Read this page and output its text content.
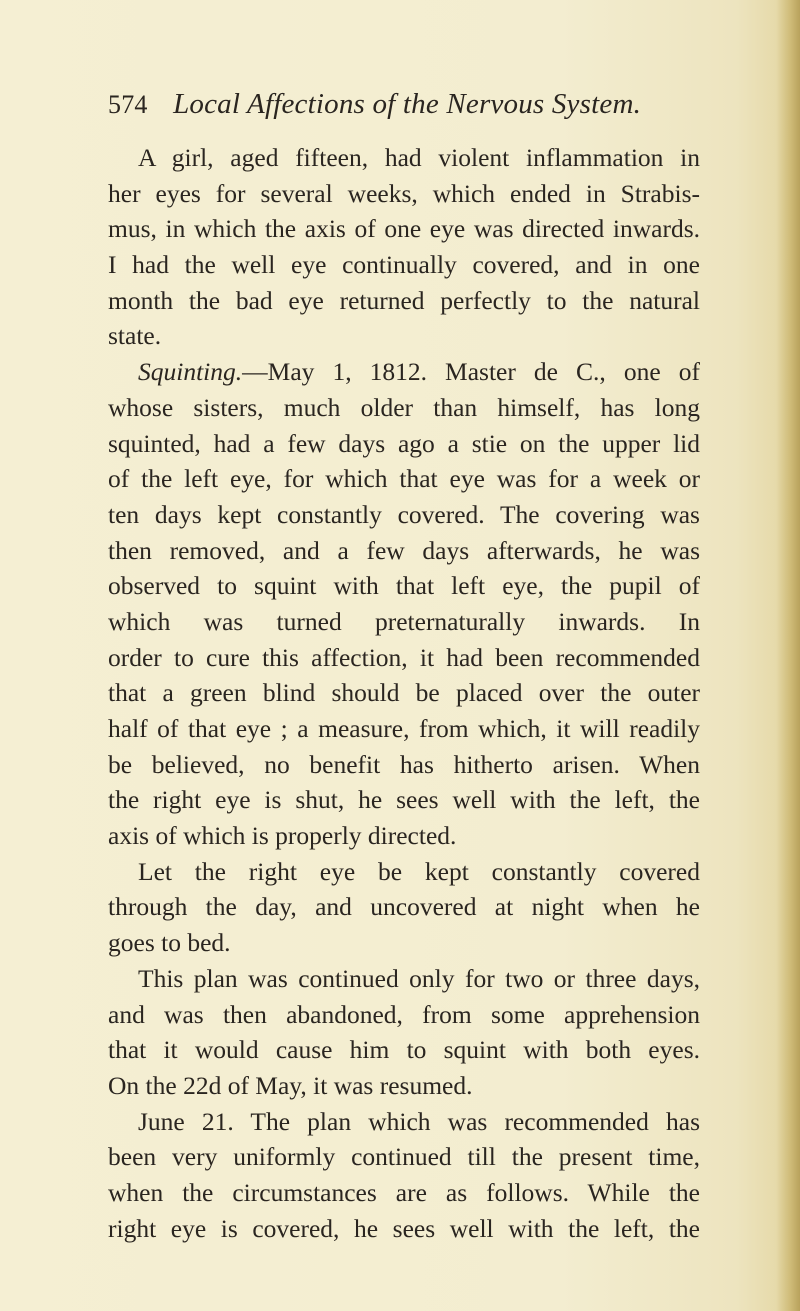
574 Local Affections of the Nervous System.
A girl, aged fifteen, had violent inflammation in
her eyes for several weeks, which ended in Strabis-
mus, in which the axis of one eye was directed inwards.
I had the well eye continually covered, and in one
month the bad eye returned perfectly to the natural
state.
Squinting.—May 1, 1812. Master de C., one of
whose sisters, much older than himself, has long
squinted, had a few days ago a stie on the upper lid
of the left eye, for which that eye was for a week or
ten days kept constantly covered. The covering was
then removed, and a few days afterwards, he was
observed to squint with that left eye, the pupil of
which was turned preternaturally inwards. In
order to cure this affection, it had been recommended
that a green blind should be placed over the outer
half of that eye ; a measure, from which, it will readily
be believed, no benefit has hitherto arisen. When
the right eye is shut, he sees well with the left, the
axis of which is properly directed.
Let the right eye be kept constantly covered
through the day, and uncovered at night when he
goes to bed.
This plan was continued only for two or three days,
and was then abandoned, from some apprehension
that it would cause him to squint with both eyes.
On the 22d of May, it was resumed.
June 21. The plan which was recommended has
been very uniformly continued till the present time,
when the circumstances are as follows. While the
right eye is covered, he sees well with the left, the
